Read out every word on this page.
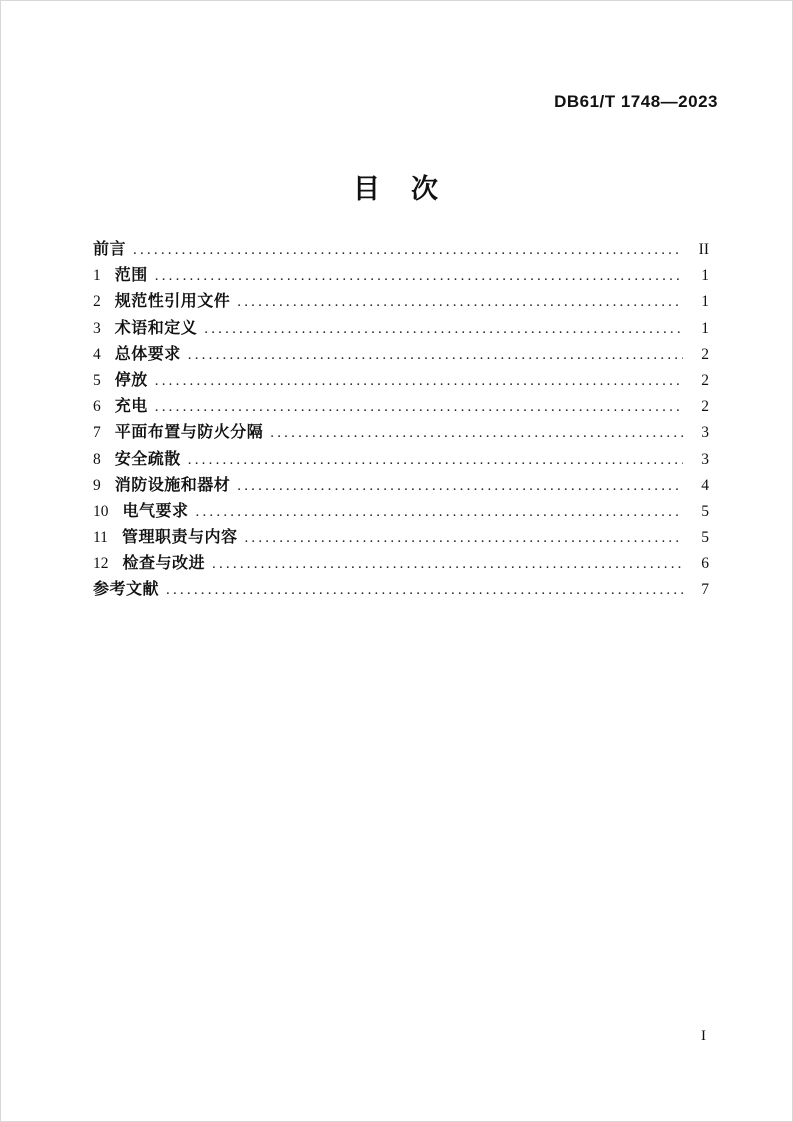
DB61/T 1748—2023
目　次
前言 .....	II
1 范围 .....	1
2 规范性引用文件 .....	1
3 术语和定义 .....	1
4 总体要求 .....	2
5 停放 .....	2
6 充电 .....	2
7 平面布置与防火分隔 .....	3
8 安全疏散 .....	3
9 消防设施和器材 .....	4
10 电气要求 .....	5
11 管理职责与内容 .....	5
12 检查与改进 .....	6
参考文献 .....	7
I
